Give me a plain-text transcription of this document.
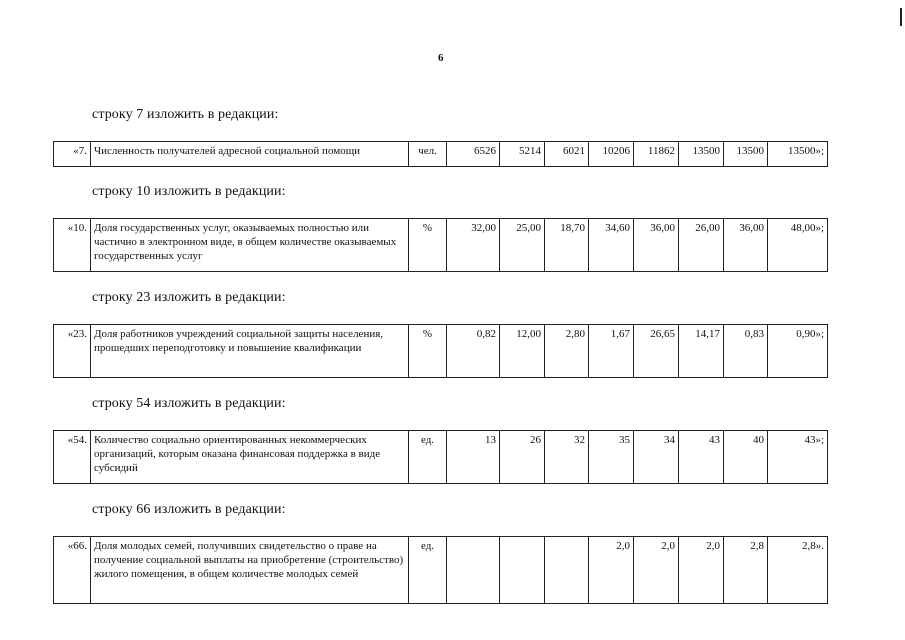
6
строку 7 изложить в редакции:
«7.	Численность получателей адресной социальной помощи	чел.	6526	5214	6021	10206	11862	13500	13500	13500»;
строку 10 изложить в редакции:
«10.	Доля государственных услуг, оказываемых полностью или частично в электронном виде, в общем количестве оказываемых государственных услуг	%	32,00	25,00	18,70	34,60	36,00	26,00	36,00	48,00»;
строку 23 изложить в редакции:
«23.	Доля работников учреждений социальной защиты населения, прошедших переподготовку и повышение квалификации	%	0,82	12,00	2,80	1,67	26,65	14,17	0,83	0,90»;
строку 54 изложить в редакции:
«54.	Количество социально ориентированных некоммерческих организаций, которым оказана финансовая поддержка в виде субсидий	ед.	13	26	32	35	34	43	40	43»;
строку 66 изложить в редакции:
«66.	Доля молодых семей, получивших свидетельство о праве на получение социальной выплаты на приобретение (строительство) жилого помещения, в общем количестве молодых семей	ед.				2,0	2,0	2,0	2,8	2,8».
